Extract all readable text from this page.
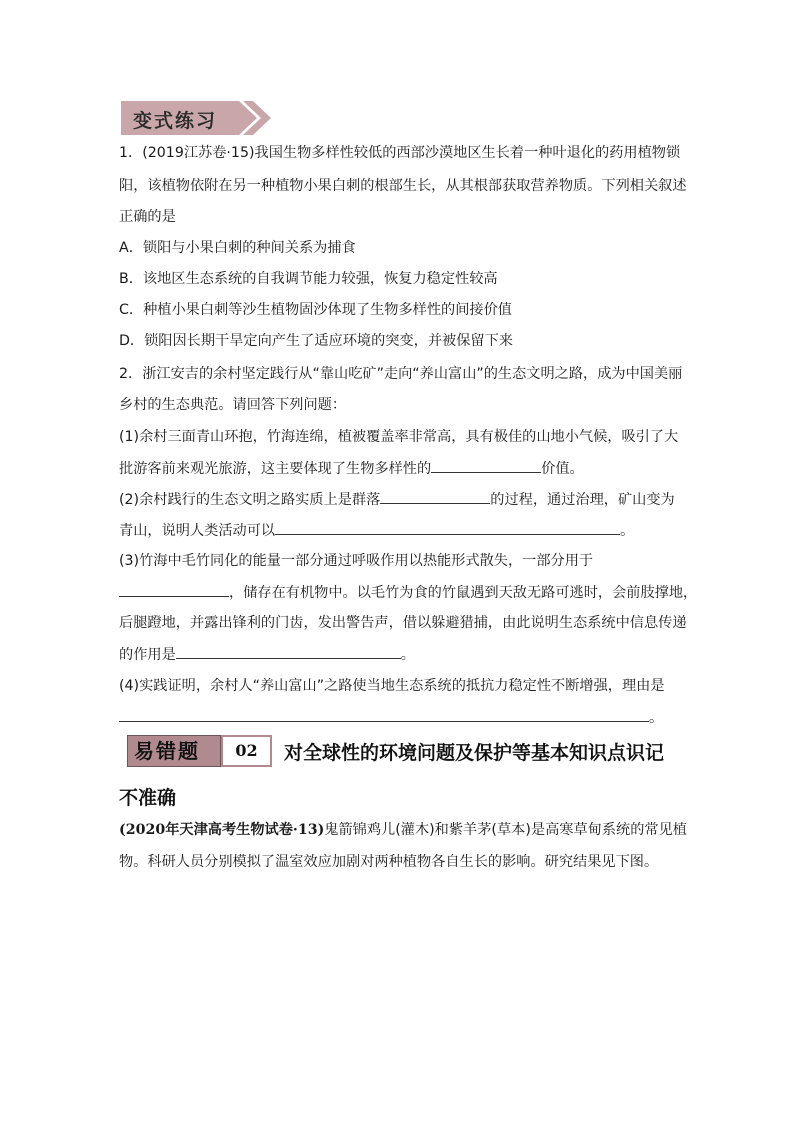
变式练习
1．(2019江苏卷·15)我国生物多样性较低的西部沙漠地区生长着一种叶退化的药用植物锁
阳，该植物依附在另一种植物小果白刺的根部生长，从其根部获取营养物质。下列相关叙述
正确的是
A．锁阳与小果白刺的种间关系为捕食
B．该地区生态系统的自我调节能力较强，恢复力稳定性较高
C．种植小果白刺等沙生植物固沙体现了生物多样性的间接价值
D．锁阳因长期干旱定向产生了适应环境的突变，并被保留下来
2．浙江安吉的余村坚定践行从“靠山吃矿”走向“养山富山”的生态文明之路，成为中国美丽
乡村的生态典范。请回答下列问题：
(1)余村三面青山环抱，竹海连绵，植被覆盖率非常高，具有极佳的山地小气候，吸引了大
批游客前来观光旅游，这主要体现了生物多样性的	价值。
(2)余村践行的生态文明之路实质上是群落	的过程，通过治理，矿山变为
青山，说明人类活动可以	。
(3)竹海中毛竹同化的能量一部分通过呼吸作用以热能形式散失，一部分用于
，储存在有机物中。以毛竹为食的竹鼠遇到天敌无路可逃时，会前肢撑地，
后腿蹬地，并露出锋利的门齿，发出警告声，借以躲避猎捕，由此说明生态系统中信息传递
的作用是	。
(4)实践证明，余村人“养山富山”之路使当地生态系统的抵抗力稳定性不断增强，理由是
。
易错题	02	对全球性的环境问题及保护等基本知识点识记
不准确
(2020年天津高考生物试卷·13)鬼箭锦鸡儿(灌木)和紫羊茅(草本)是高寒草甸系统的常见植
物。科研人员分别模拟了温室效应加剧对两种植物各自生长的影响。研究结果见下图。
